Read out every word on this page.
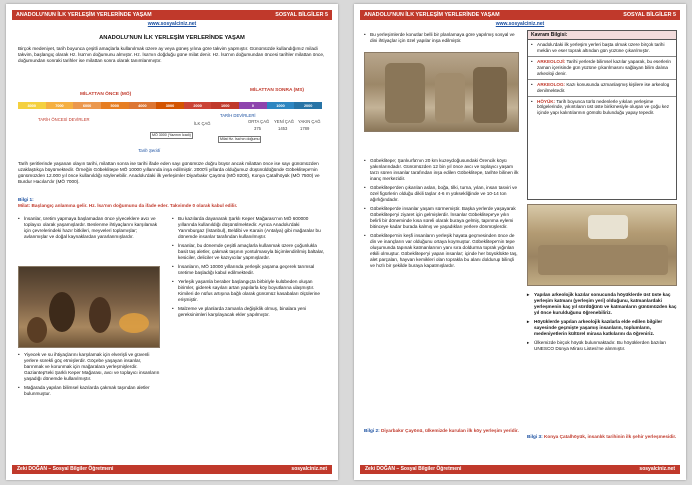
ANADOLU'NUN İLK YERLEŞİM YERLERİNDE YAŞAM	SOSYAL BİLGİLER 5
www.sosyalciniz.net
ANADOLU'NUN İLK YERLEŞİM YERLERİNDE YAŞAM
Birçok medeniyet, tarih boyunca çeşitli amaçlarla kullanılmak üzere ay veya güneş yılına göre takvim yapmıştır. Günümüzde kullandığımız miladi takvim, başlangıç olarak Hz. İsa'nın doğumunu almıştır. Hz. İsa'nın doğduğu güne milat denir. Hz. İsa'nın doğumundan öncesi tarihler milattan önce, doğumundan sonraki tarihler ise milattan sonra olarak tanımlanmıştır.
MİLATTAN ÖNCE (MÖ)
MİLATTAN SONRA (MS)
8000	7000	6000	5000	4000	3000	2000	1000	0	1000	2000
TARİH ÖNCESİ DEVİRLER
TARİH DEVİRLERİ
İLK ÇAĞ	ORTA ÇAĞ YENİ ÇAĞ YAKIN ÇAĞ
375	1453	1789
MÖ 3000 (Yazının İcadı)
Milat Hz. İsa'nın doğumu
Tarih Şeridi
Tarih şeritlerinde yaşanan olayın tarihi, milattan sonra ise tarihi ifade eden sayı günümüze doğru büyür ancak milattan önce ise sayı günümüzden uzaklaştıkça büyümektedir. Örneğin Göbeklitepe MÖ 10000 yıllarında inşa edilmiştir. 2000'li yıllarda olduğumuz düşünüldüğünde Göbeklitepe'nin günümüzden 12.000 yıl önce kullanıldığı söylenebilir. Anadolu'daki ilk yerleşimler Diyarbakır Çayönü (MÖ 8200), Konya Çatalhöyük (MÖ 7500) ve Burdur Hacılar'dır (MÖ 7000).
Bilgi 1:
Milat: Başlangıç anlamına gelir. Hz. İsa'nın doğumunu da ifade eder. Takvimde 0 olarak kabul edilir.
• İnsanlar, üretim yapmaya başlamadan önce yiyeceklere avcı ve toplayıcı olarak yaşamışlardır. Beslenme ihtiyaçlarını karşılamak için çevrelerindeki hazır bitkileri, meyveleri toplamışlar; avlanmışlar ve doğal kaynaklardan yararlanmışlardır.
• Yiyecek ve su ihtiyaçlarını karşılamak için elverişli ve güvenli yerlere sürekli göç etmişlerdir. Göçebe yaşayan insanlar, barınmak ve korunmak için mağaralara yerleşmişlerdir. Gaziantep'teki Şarklı Keper Mağarası, avcı ve toplayıcı insanların yaşadığı dönemde kullanılmıştır.
• Mağarada yapılan bilimsel kazılarda çakmak taşından aletler bulunmuştur.
• Bu kazılarda dayanarak Şarklı Keper Mağarası'nın MÖ 600000 yıllarında kullanıldığı düşünülmektedir. Ayrıca Anadolu'daki Yarımburgaz (İstanbul), Beldibi ve Karain (Antalya) gibi mağaralar bu dönemde insanlar tarafından kullanılmıştır.
• İnsanlar, bu dönemde çeşitli amaçlarla kullanmak üzere çoğunlukla basit taş aletler, çakmak taşının yontulmasıyla biçimlendirilmiş baltalar, kesiciler, deliciler ve kazıyıcılar yapmışlardır.
• İnsanların, MÖ 10000 yıllarında yerleşik yaşama geçerek tarımsal üretime başladığı kabul edilmektedir.
• Yerleşik yaşamla beraber başlangıçta birbiriyle kulübeden oluşan birimler, giderek sayıları artan yapılarla köy boyutlarına ulaşmıştır. Kimileri de nüfus artışına bağlı olarak günümüz kasabaları ölçülerine erişmiştir.
• Malzeme ve planlarda zamanla değişiklik olmuş, binalara yeni gereksinimleri karşılayacak ekler yapılmıştır.
Zeki DOĞAN – Sosyal Bilgiler Öğretmeni	sosyalciniz.net
ANADOLU'NUN İLK YERLEŞİM YERLERİNDE YAŞAM	SOSYAL BİLGİLER 5
www.sosyalciniz.net
• Bu yerleşimlerde konutlar belli bir planlamaya göre yapılmış sosyal ve dini ihtiyaçlar için özel yapılar inşa edilmiştir.
• Göbeklitepe; Şanlıurfa'nın 20 km kuzeydoğusundaki Örencik köyü yakınlarındadır. Günümüzden 12 bin yıl önce avcı ve toplayıcı yaşam tarzı süren insanlar tarafından inşa edilen Göbeklitepe, tarihte bilinen ilk inanç merkezidir.
• Göbeklitepe'den çıkarılan aslan, boğa, tilki, turna, yılan, insan tasviri ve özel figürlerin olduğu dikili taşlar 4-6 m yüksekliğinde ve 10-14 ton ağırlığındadır.
• Göbeklitepe'de insanlar yaşam sürmemiştir. Başka yerlerde yaşayarak Göbeklitepe'yi ziyaret için gelmişlerdir. İnsanlar Göbeklitepe'ye yılın belirli bir döneminde kısa süreli olarak buraya gelmiş, tapınma eylemi bitinceye kadar burada kalmış ve yaşadıkları yerlere dönmüşlerdir.
• Göbeklitepe'nin keşfi insanların yerleşik hayata geçmesinden önce de din ve inançların var olduğunu ortaya koymuştur. Göbeklitepe'nin tepe oluşumunda tapınak katmanlarının yanı sıra doldurma toprak yığınları etkili olmuştur. Göbeklitepe'yi yapan insanlar; içinde her büyüklükte taş, alet parçaları, hayvan kemikleri olan toprakla bu alanı doldurup bilinçli ve hızlı bir şekilde buraya kapatmışlardır.
Bilgi 2: Diyarbakır Çayönü, ülkemizde kurulan ilk köy yerleşim yeridir.
Kavram Bilgisi:
• Anadolu'daki ilk yerleşim yerleri başta olmak üzere birçok tarihi mekân ve eser toprak altından gün yüzüne çıkarılmıştır.
• ARKEOLOJİ: Tarihi yerlerde bilimsel kazılar yaparak, bu eserlerin zaman içerisinde gün yüzüne çıkarılmasını sağlayan bilim dalına arkeoloji denir.
• ARKEOLOG: Kazı konusunda uzmanlaşmış kişilere ise arkeolog denilmektedir.
• HÖYÜK: Tarih boyunca türlü nedenlerle yıkılan yerleşime bölgelerinde, yıkıntıların üst üste birikmesiyle oluşan ve çoğu kez içinde yapı kalıntılarının gömülü bulunduğu yapay tepedir.
▸ Yapılan arkeolojik kazılar sonucunda höyüklerde üst üste kaç yerleşim katmanı (yerleşim yeri) olduğunu, katmanlardaki yerleşmenin kaç yıl sürdüğünü ve katmanların günümüzden kaç yıl önce kurulduğunu öğrenebiliriz.
▸ Höyüklerde yapılan arkeolojik kazılarla elde edilen bilgiler sayesinde geçmişte yaşamış insanların, toplumların, medeniyetlerin kültürel mirasa katkılarını da öğreniriz.
▸ Ülkemizde birçok höyük bulunmaktadır. Bu höyüklerden bazıları UNESCO Dünya Mirası Listesi'ne alınmıştır.
Bilgi 3: Konya Çatalhöyük, insanlık tarihinin ilk şehir yerleşmesidir.
Zeki DOĞAN – Sosyal Bilgiler Öğretmeni	sosyalciniz.net
